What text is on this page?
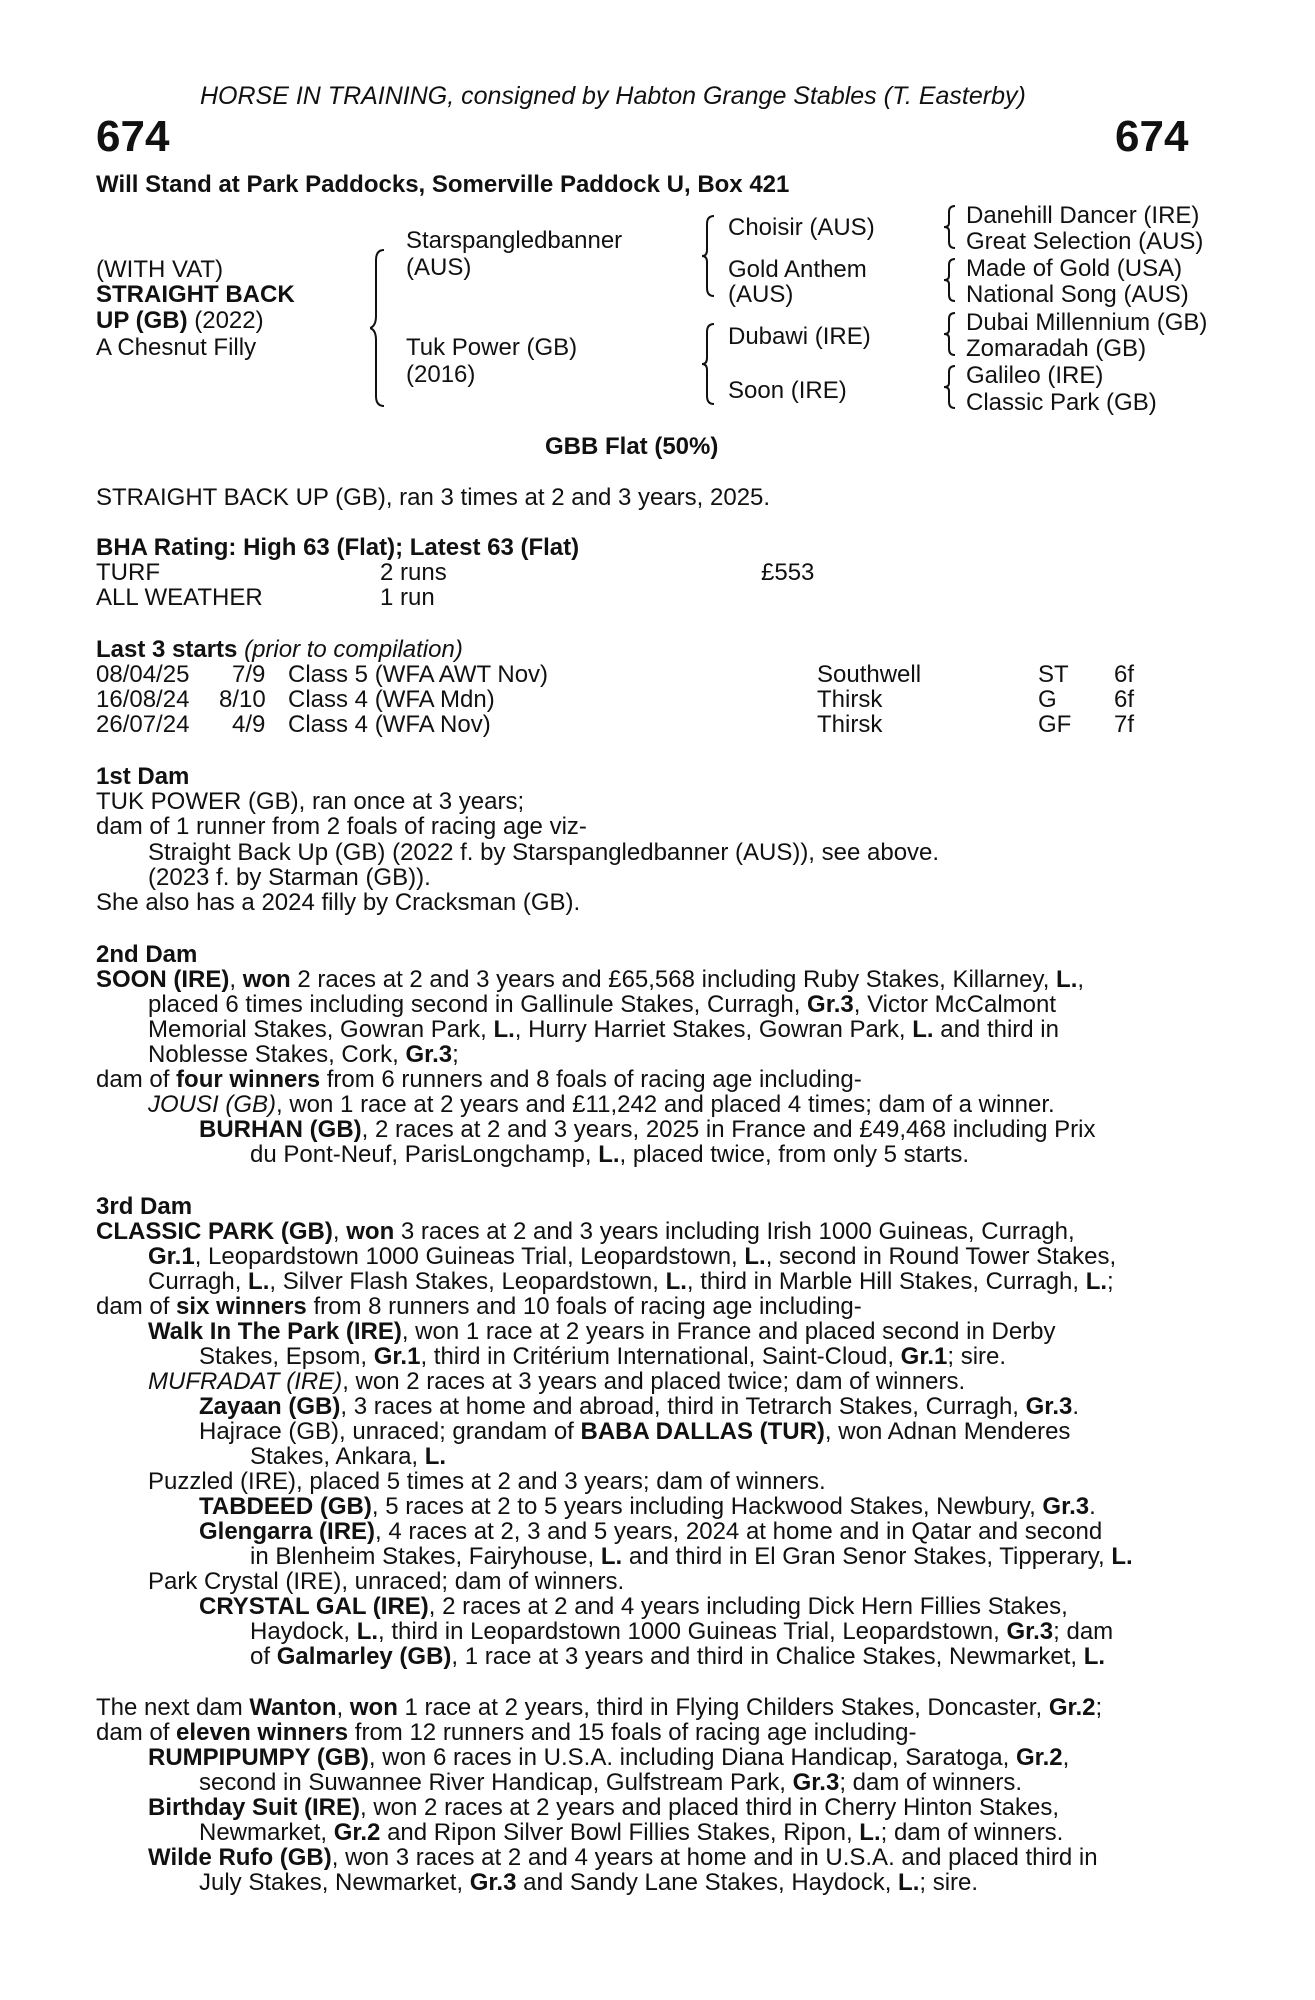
HORSE IN TRAINING, consigned by Habton Grange Stables (T. Easterby)
674	674
Will Stand at Park Paddocks, Somerville Paddock U, Box 421
(WITH VAT)
STRAIGHT BACK
UP (GB) (2022)
A Chesnut Filly
Starspangledbanner
(AUS)
Tuk Power (GB)
(2016)
Choisir (AUS)
Gold Anthem
(AUS)
Dubawi (IRE)
Soon (IRE)
Danehill Dancer (IRE)
Great Selection (AUS)
Made of Gold (USA)
National Song (AUS)
Dubai Millennium (GB)
Zomaradah (GB)
Galileo (IRE)
Classic Park (GB)
GBB Flat (50%)
STRAIGHT BACK UP (GB), ran 3 times at 2 and 3 years, 2025.
BHA Rating: High 63 (Flat); Latest 63 (Flat)
TURF	2 runs	£553
ALL WEATHER	1 run
Last 3 starts (prior to compilation)
08/04/25 7/9 Class 5 (WFA AWT Nov)	Southwell	ST 6f
16/08/24 8/10 Class 4 (WFA Mdn)	Thirsk	G 6f
26/07/24 4/9 Class 4 (WFA Nov)	Thirsk	GF 7f
1st Dam
TUK POWER (GB), ran once at 3 years;
dam of 1 runner from 2 foals of racing age viz-
Straight Back Up (GB) (2022 f. by Starspangledbanner (AUS)), see above.
(2023 f. by Starman (GB)).
She also has a 2024 filly by Cracksman (GB).
2nd Dam
SOON (IRE), won 2 races at 2 and 3 years and £65,568 including Ruby Stakes, Killarney, L.,
placed 6 times including second in Gallinule Stakes, Curragh, Gr.3, Victor McCalmont
Memorial Stakes, Gowran Park, L., Hurry Harriet Stakes, Gowran Park, L. and third in
Noblesse Stakes, Cork, Gr.3;
dam of four winners from 6 runners and 8 foals of racing age including-
JOUSI (GB), won 1 race at 2 years and £11,242 and placed 4 times; dam of a winner.
BURHAN (GB), 2 races at 2 and 3 years, 2025 in France and £49,468 including Prix
du Pont-Neuf, ParisLongchamp, L., placed twice, from only 5 starts.
3rd Dam
CLASSIC PARK (GB), won 3 races at 2 and 3 years including Irish 1000 Guineas, Curragh,
Gr.1, Leopardstown 1000 Guineas Trial, Leopardstown, L., second in Round Tower Stakes,
Curragh, L., Silver Flash Stakes, Leopardstown, L., third in Marble Hill Stakes, Curragh, L.;
dam of six winners from 8 runners and 10 foals of racing age including-
Walk In The Park (IRE), won 1 race at 2 years in France and placed second in Derby
Stakes, Epsom, Gr.1, third in Critérium International, Saint-Cloud, Gr.1; sire.
MUFRADAT (IRE), won 2 races at 3 years and placed twice; dam of winners.
Zayaan (GB), 3 races at home and abroad, third in Tetrarch Stakes, Curragh, Gr.3.
Hajrace (GB), unraced; grandam of BABA DALLAS (TUR), won Adnan Menderes
Stakes, Ankara, L.
Puzzled (IRE), placed 5 times at 2 and 3 years; dam of winners.
TABDEED (GB), 5 races at 2 to 5 years including Hackwood Stakes, Newbury, Gr.3.
Glengarra (IRE), 4 races at 2, 3 and 5 years, 2024 at home and in Qatar and second
in Blenheim Stakes, Fairyhouse, L. and third in El Gran Senor Stakes, Tipperary, L.
Park Crystal (IRE), unraced; dam of winners.
CRYSTAL GAL (IRE), 2 races at 2 and 4 years including Dick Hern Fillies Stakes,
Haydock, L., third in Leopardstown 1000 Guineas Trial, Leopardstown, Gr.3; dam
of Galmarley (GB), 1 race at 3 years and third in Chalice Stakes, Newmarket, L.
The next dam Wanton, won 1 race at 2 years, third in Flying Childers Stakes, Doncaster, Gr.2;
dam of eleven winners from 12 runners and 15 foals of racing age including-
RUMPIPUMPY (GB), won 6 races in U.S.A. including Diana Handicap, Saratoga, Gr.2,
second in Suwannee River Handicap, Gulfstream Park, Gr.3; dam of winners.
Birthday Suit (IRE), won 2 races at 2 years and placed third in Cherry Hinton Stakes,
Newmarket, Gr.2 and Ripon Silver Bowl Fillies Stakes, Ripon, L.; dam of winners.
Wilde Rufo (GB), won 3 races at 2 and 4 years at home and in U.S.A. and placed third in
July Stakes, Newmarket, Gr.3 and Sandy Lane Stakes, Haydock, L.; sire.
